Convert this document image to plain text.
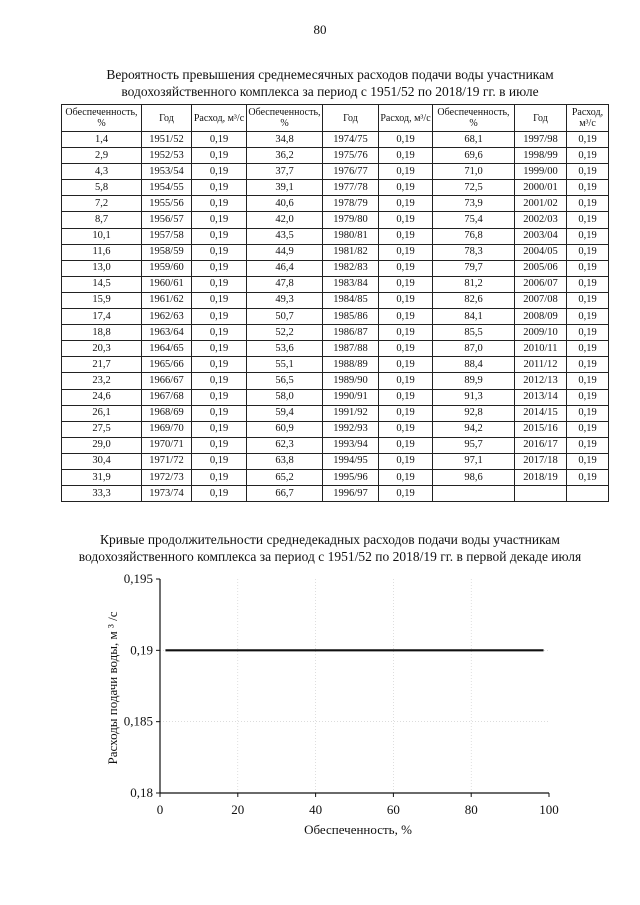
80
Вероятность превышения среднемесячных расходов подачи воды участникам водохозяйственного комплекса за период с 1951/52 по 2018/19 гг. в июле
Обеспеченность, %	Год	Расход, м³/с	Обеспеченность, %	Год	Расход, м³/с	Обеспеченность, %	Год	Расход, м³/с
1,4	1951/52	0,19	34,8	1974/75	0,19	68,1	1997/98	0,19
2,9	1952/53	0,19	36,2	1975/76	0,19	69,6	1998/99	0,19
4,3	1953/54	0,19	37,7	1976/77	0,19	71,0	1999/00	0,19
5,8	1954/55	0,19	39,1	1977/78	0,19	72,5	2000/01	0,19
7,2	1955/56	0,19	40,6	1978/79	0,19	73,9	2001/02	0,19
8,7	1956/57	0,19	42,0	1979/80	0,19	75,4	2002/03	0,19
10,1	1957/58	0,19	43,5	1980/81	0,19	76,8	2003/04	0,19
11,6	1958/59	0,19	44,9	1981/82	0,19	78,3	2004/05	0,19
13,0	1959/60	0,19	46,4	1982/83	0,19	79,7	2005/06	0,19
14,5	1960/61	0,19	47,8	1983/84	0,19	81,2	2006/07	0,19
15,9	1961/62	0,19	49,3	1984/85	0,19	82,6	2007/08	0,19
17,4	1962/63	0,19	50,7	1985/86	0,19	84,1	2008/09	0,19
18,8	1963/64	0,19	52,2	1986/87	0,19	85,5	2009/10	0,19
20,3	1964/65	0,19	53,6	1987/88	0,19	87,0	2010/11	0,19
21,7	1965/66	0,19	55,1	1988/89	0,19	88,4	2011/12	0,19
23,2	1966/67	0,19	56,5	1989/90	0,19	89,9	2012/13	0,19
24,6	1967/68	0,19	58,0	1990/91	0,19	91,3	2013/14	0,19
26,1	1968/69	0,19	59,4	1991/92	0,19	92,8	2014/15	0,19
27,5	1969/70	0,19	60,9	1992/93	0,19	94,2	2015/16	0,19
29,0	1970/71	0,19	62,3	1993/94	0,19	95,7	2016/17	0,19
30,4	1971/72	0,19	63,8	1994/95	0,19	97,1	2017/18	0,19
31,9	1972/73	0,19	65,2	1995/96	0,19	98,6	2018/19	0,19
33,3	1973/74	0,19	66,7	1996/97	0,19			
Кривые продолжительности среднедекадных расходов подачи воды участникам водохозяйственного комплекса за период с 1951/52 по 2018/19 гг. в первой декаде июля
0	20	40	60	80	100
0,18
0,185
0,19
0,195
Обеспеченность, %
Расходы подачи воды, м ³ /с
